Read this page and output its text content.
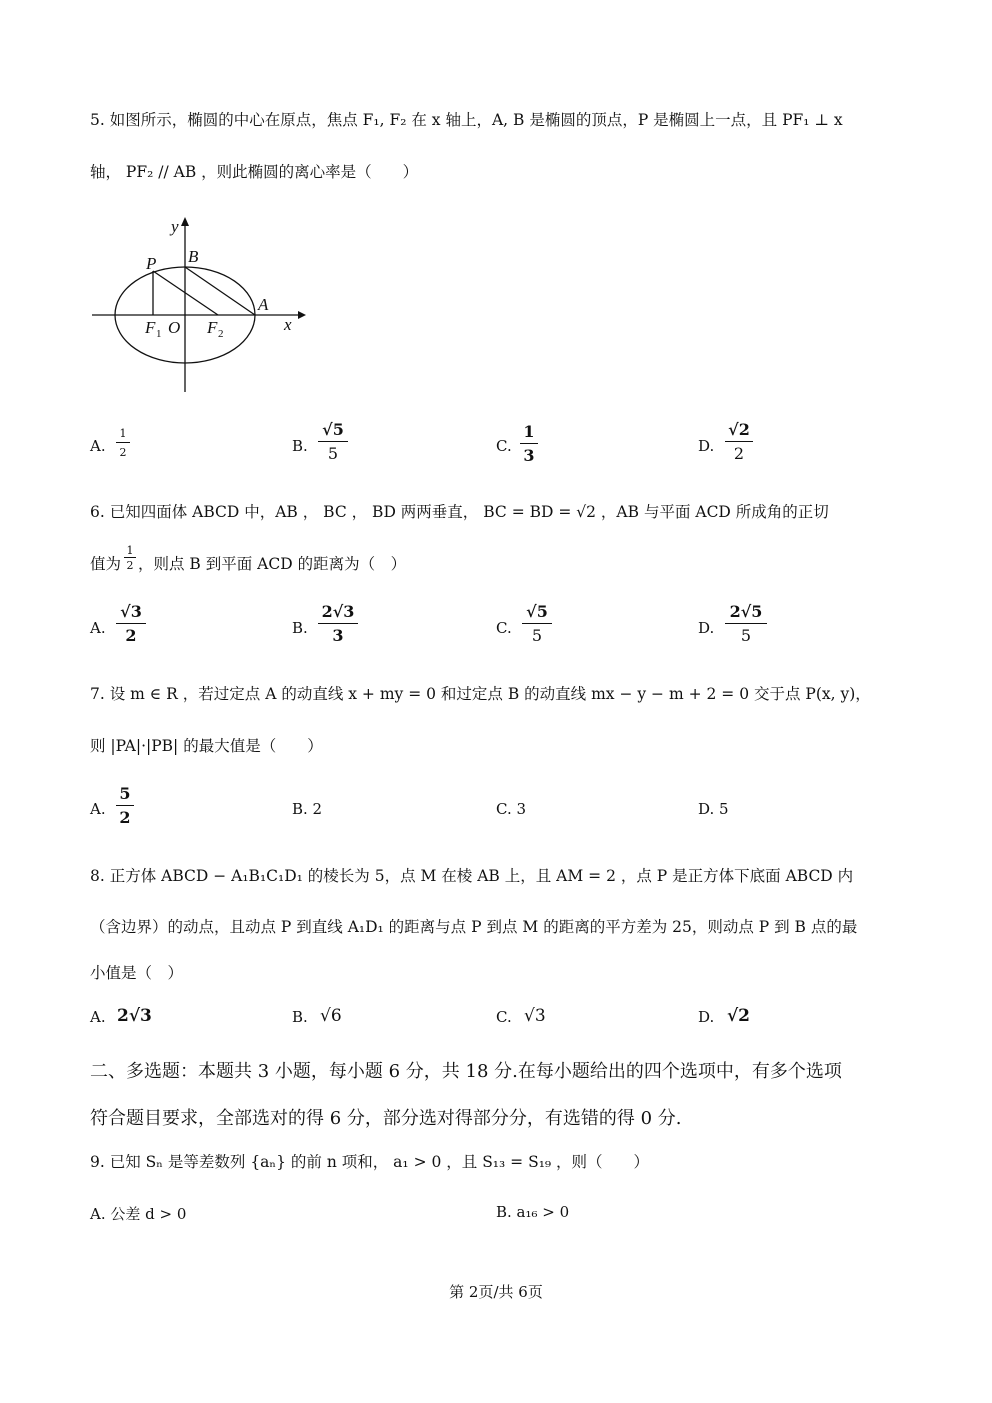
5. 如图所示，椭圆的中心在原点，焦点 F₁, F₂ 在 x 轴上，A, B 是椭圆的顶点，P 是椭圆上一点，且 PF₁ ⊥ x
轴， PF₂ // AB ，则此椭圆的离心率是（　　）
y
P B
A
x
O
F 1	F 2
A.
1
2	B.
√5
5	C.
1
3	D.
√2
2
6. 已知四面体 ABCD 中，AB ， BC ， BD 两两垂直， BC = BD = √2 ，AB 与平面 ACD 所成角的正切
值为
1
2 ，则点 B 到平面 ACD 的距离为（　）
A.
√3
2	B.
2√3
3	C.
√5
5	D.
2√5
5
7. 设 m ∈ R ，若过定点 A 的动直线 x + my = 0 和过定点 B 的动直线 mx − y − m + 2 = 0 交于点 P(x, y)，
则 |PA|·|PB| 的最大值是（　　）
A.
5
2	B. 2	C. 3	D. 5
8. 正方体 ABCD − A₁B₁C₁D₁ 的棱长为 5，点 M 在棱 AB 上，且 AM = 2 ，点 P 是正方体下底面 ABCD 内
（含边界）的动点，且动点 P 到直线 A₁D₁ 的距离与点 P 到点 M 的距离的平方差为 25，则动点 P 到 B 点的最
小值是（　）
A. 2√3	B. √6	C. √3	D. √2
二、多选题：本题共 3 小题，每小题 6 分，共 18 分.在每小题给出的四个选项中，有多个选项
符合题目要求，全部选对的得 6 分，部分选对得部分分，有选错的得 0 分.
9. 已知 Sₙ 是等差数列 {aₙ} 的前 n 项和， a₁ > 0 ，且 S₁₃ = S₁₉ ，则（　　）
A. 公差 d > 0	B. a₁₆ > 0
第 2页/共 6页
